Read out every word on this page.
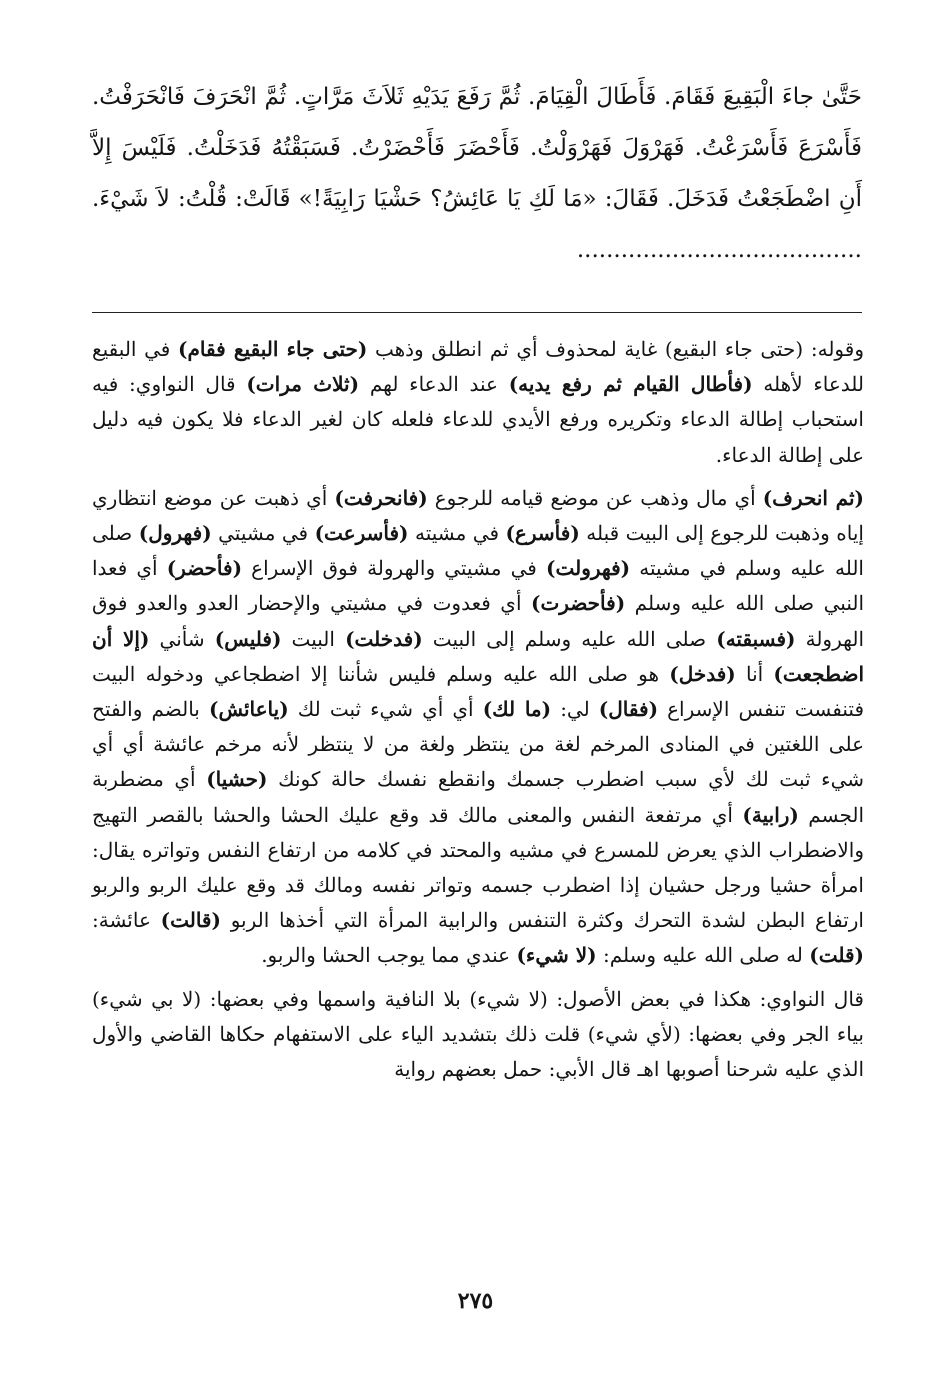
حَتَّىٰ جاءَ الْبَقِيعَ فَقَامَ. فَأَطَالَ الْقِيَامَ. ثُمَّ رَفَعَ يَدَيْهِ ثَلاَثَ مَرَّاتٍ. ثُمَّ انْحَرَفَ فَانْحَرَفْتُ. فَأَسْرَعَ فَأَسْرَعْتُ. فَهَرْوَلَ فَهَرْوَلْتُ. فَأَحْضَرَ فَأَحْضَرْتُ. فَسَبَقْتُهُ فَدَخَلْتُ. فَلَيْسَ إِلاَّ أَنِ اضْطَجَعْتُ فَدَخَلَ. فَقَالَ: «مَا لَكِ يَا عَائِشُ؟ حَشْيَا رَابِيَةً!» قَالَتْ: قُلْتُ: لاَ شَيْءَ. .......................................

وقوله: (حتى جاء البقيع) غاية لمحذوف أي ثم انطلق وذهب (حتى جاء البقيع فقام) في البقيع للدعاء لأهله (فأطال القيام ثم رفع يديه) عند الدعاء لهم (ثلاث مرات) قال النواوي: فيه استحباب إطالة الدعاء وتكريره ورفع الأيدي للدعاء فلعله كان لغير الدعاء فلا يكون فيه دليل على إطالة الدعاء.

(ثم انحرف) أي مال وذهب عن موضع قيامه للرجوع (فانحرفت) أي ذهبت عن موضع انتظاري إياه وذهبت للرجوع إلى البيت قبله (فأسرع) في مشيته (فأسرعت) في مشيتي (فهرول) صلى الله عليه وسلم في مشيته (فهرولت) في مشيتي والهرولة فوق الإسراع (فأحضر) أي فعدا النبي صلى الله عليه وسلم (فأحضرت) أي فعدوت في مشيتي والإحضار العدو والعدو فوق الهرولة (فسبقته) صلى الله عليه وسلم إلى البيت (فدخلت) البيت (فليس) شأني (إلا أن اضطجعت) أنا (فدخل) هو صلى الله عليه وسلم فليس شأننا إلا اضطجاعي ودخوله البيت فتنفست تنفس الإسراع (فقال) لي: (ما لك) أي أي شيء ثبت لك (ياعائش) بالضم والفتح على اللغتين في المنادى المرخم لغة من ينتظر ولغة من لا ينتظر لأنه مرخم عائشة أي أي شيء ثبت لك لأي سبب اضطرب جسمك وانقطع نفسك حالة كونك (حشيا) أي مضطربة الجسم (رابية) أي مرتفعة النفس والمعنى مالك قد وقع عليك الحشا والحشا بالقصر التهيج والاضطراب الذي يعرض للمسرع في مشيه والمحتد في كلامه من ارتفاع النفس وتواتره يقال: امرأة حشيا ورجل حشيان إذا اضطرب جسمه وتواتر نفسه ومالك قد وقع عليك الربو والربو ارتفاع البطن لشدة التحرك وكثرة التنفس والرابية المرأة التي أخذها الربو (قالت) عائشة: (قلت) له صلى الله عليه وسلم: (لا شيء) عندي مما يوجب الحشا والربو.

قال النواوي: هكذا في بعض الأصول: (لا شيء) بلا النافية واسمها وفي بعضها: (لا بي شيء) بياء الجر وفي بعضها: (لأي شيء) قلت ذلك بتشديد الياء على الاستفهام حكاها القاضي والأول الذي عليه شرحنا أصوبها اهـ قال الأبي: حمل بعضهم رواية

٢٧٥
